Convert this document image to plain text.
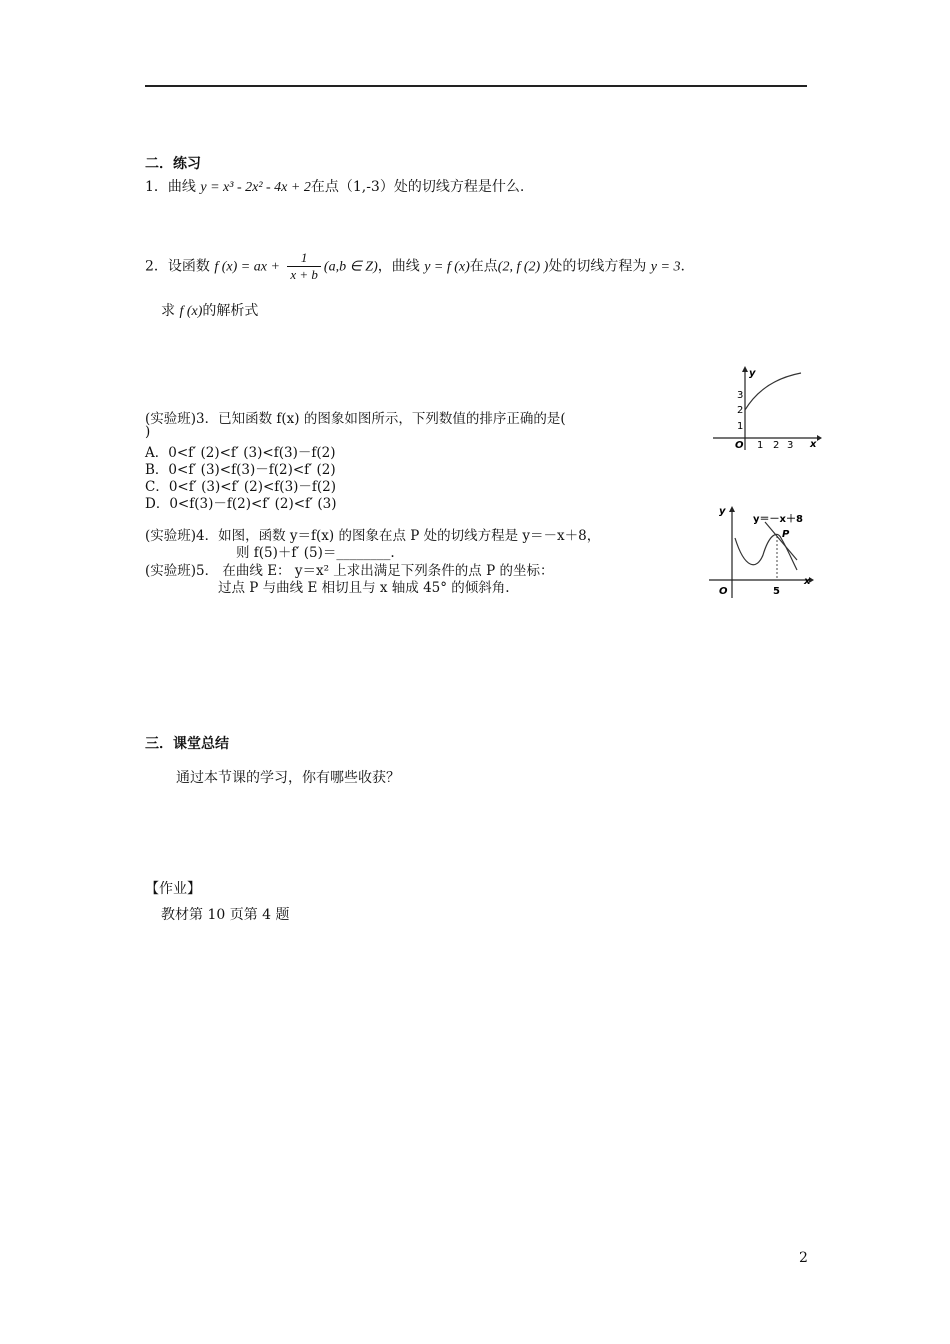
二．练习
1．曲线 y = x³ - 2x² - 4x + 2在点（1,-3）处的切线方程是什么.
2．设函数 f (x) = ax + $\frac{1}{x + b} (a,b$ ∈ Z)，曲线 y = f (x)在点(2, f (2) )处的切线方程为 y = 3.
求 f (x)的解析式
(实验班)3．已知函数 f(x) 的图象如图所示，下列数值的排序正确的是(
)
A．0<f′ (2)<f′ (3)<f(3)－f(2)
B．0<f′ (3)<f(3)－f(2)<f′ (2)
C．0<f′ (3)<f′ (2)<f(3)－f(2)
D．0<f(3)－f(2)<f′ (2)<f′ (3)
(实验班)4．如图，函数 y＝f(x) 的图象在点 P 处的切线方程是 y＝－x＋8，
则 f(5)＋f′ (5)＝________.
(实验班)5． 在曲线 E： y＝x² 上求出满足下列条件的点 P 的坐标：
过点 P 与曲线 E 相切且与 x 轴成 45° 的倾斜角.
y
x
O
3
2
1
1 2 3
y
x
O
y＝－x＋8
P
5
三．课堂总结
通过本节课的学习，你有哪些收获？
【作业】
教材第 10 页第 4 题
2
